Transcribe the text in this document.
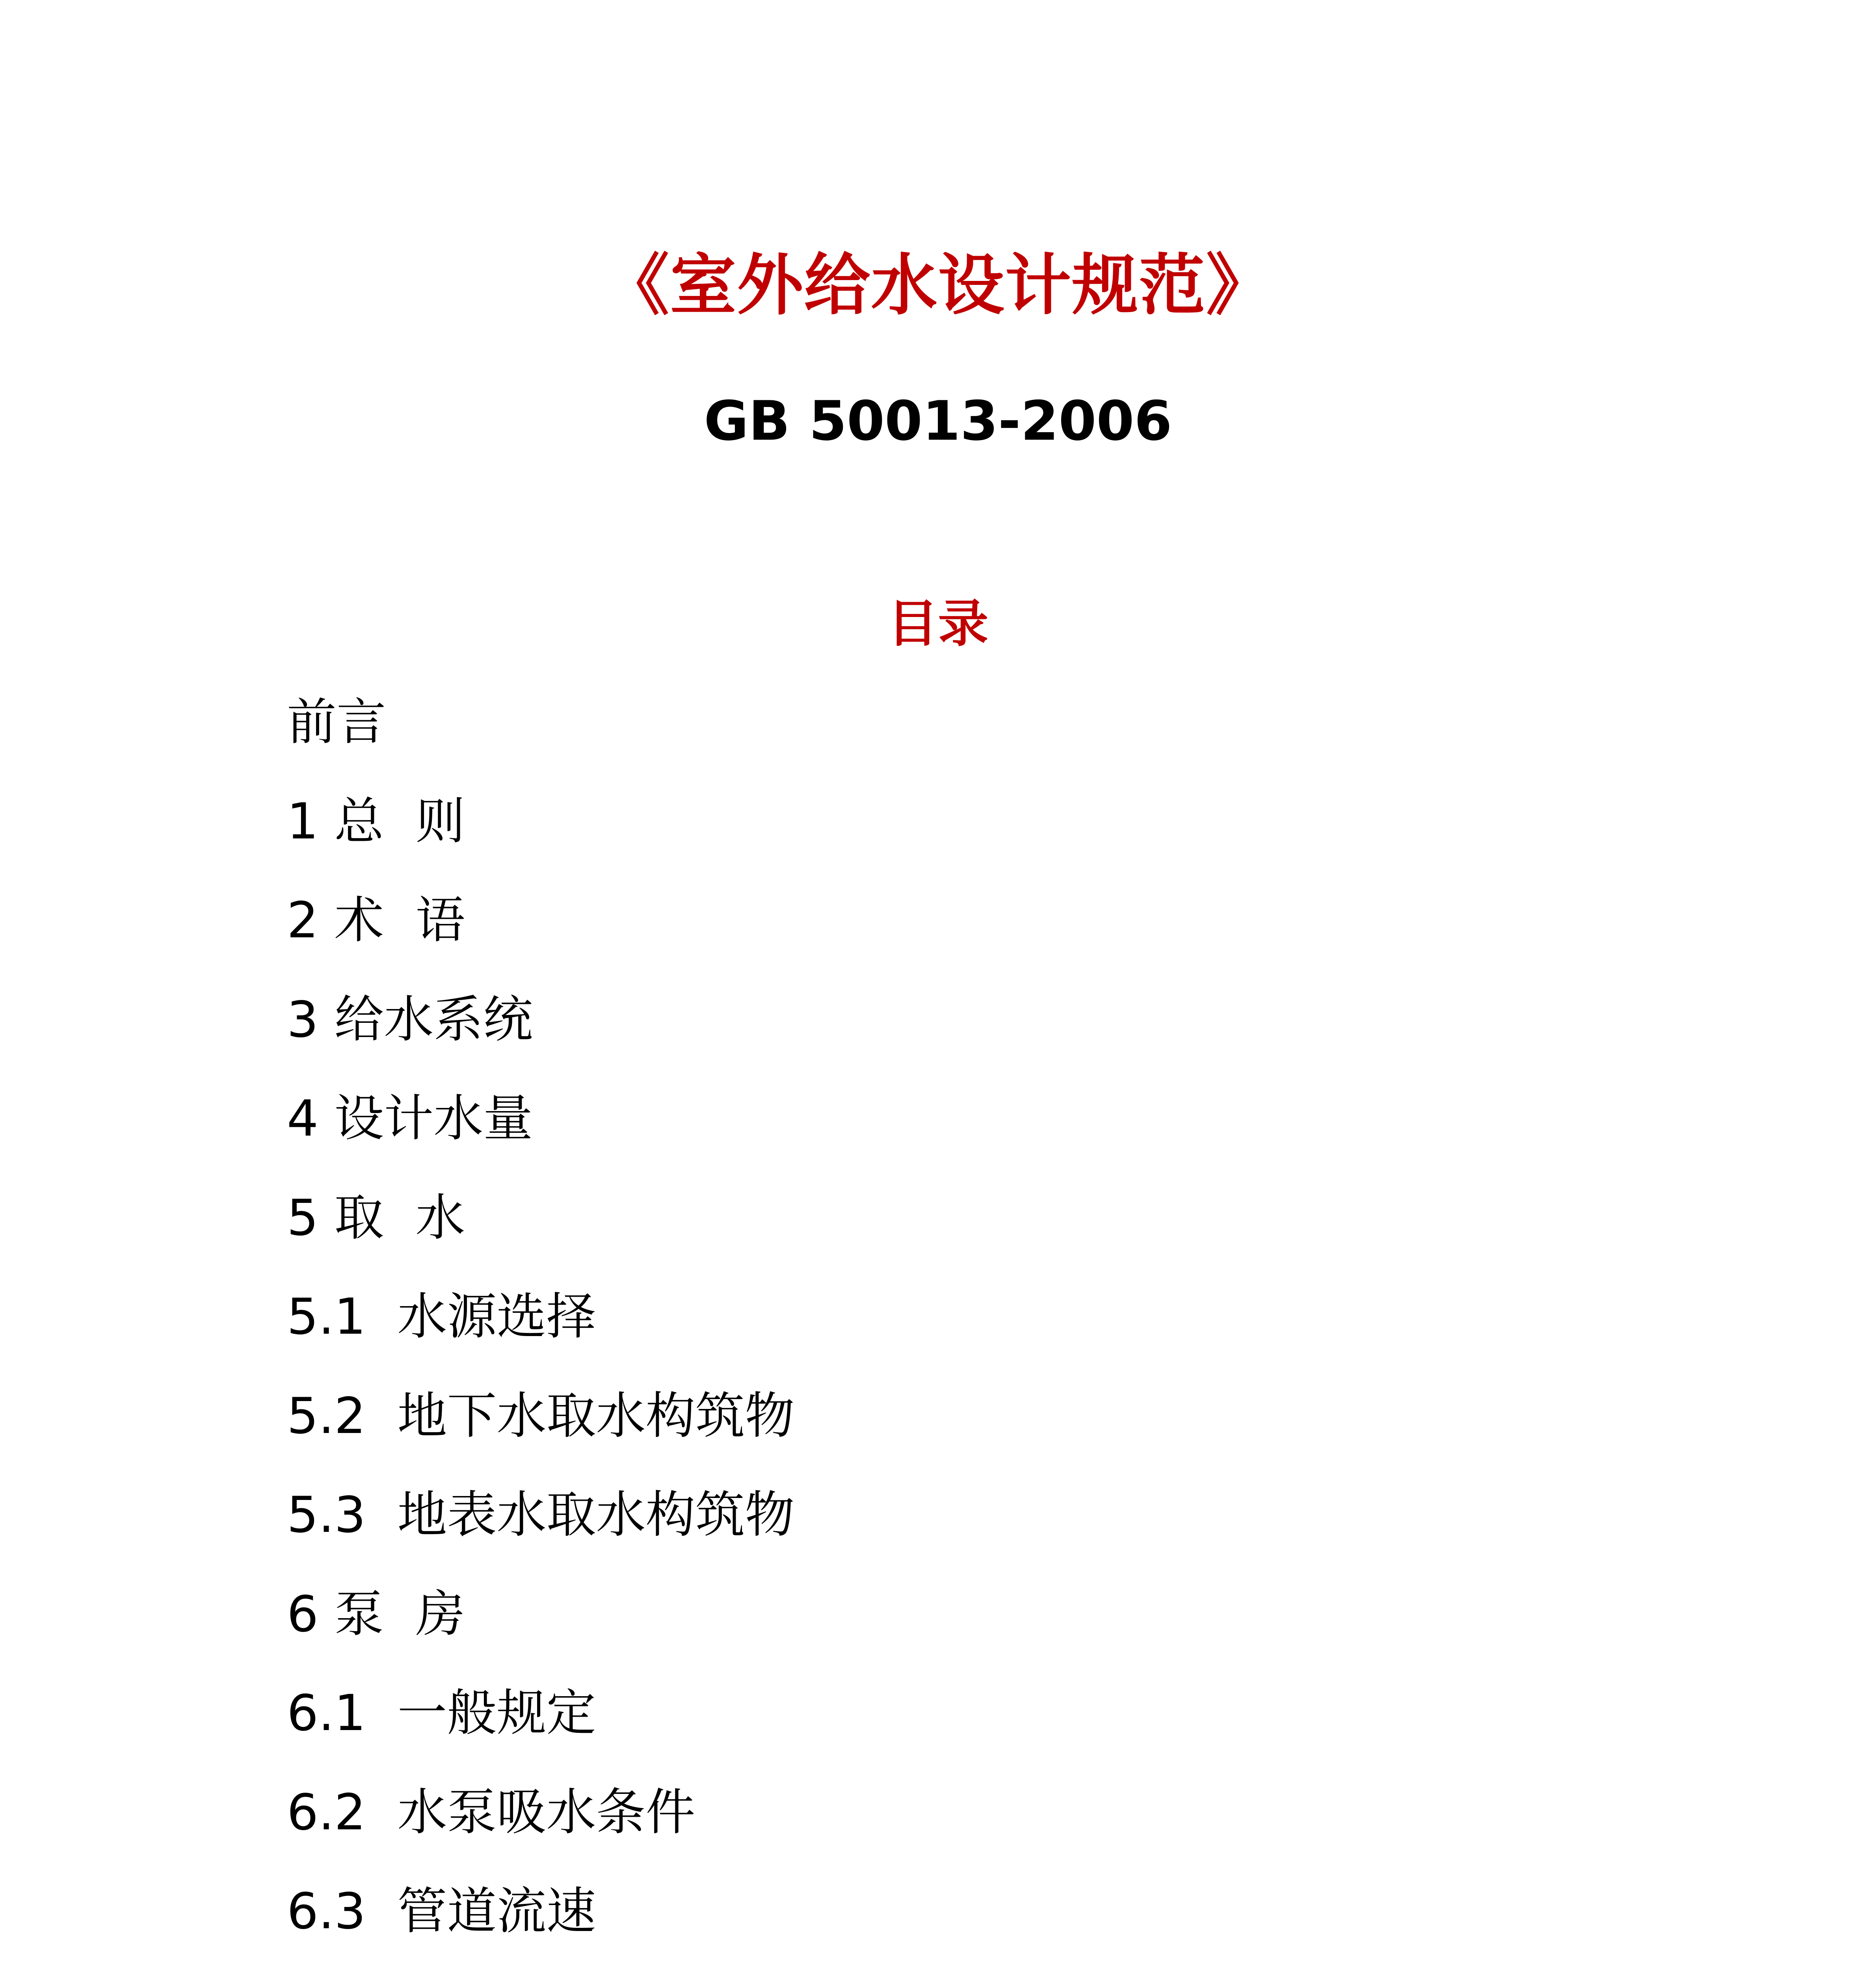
《室外给水设计规范》
GB 50013-2006
目录
前言
1 总  则
2 术  语
3 给水系统
4 设计水量
5 取  水
5.1  水源选择
5.2  地下水取水构筑物
5.3  地表水取水构筑物
6 泵  房
6.1  一般规定
6.2  水泵吸水条件
6.3  管道流速
